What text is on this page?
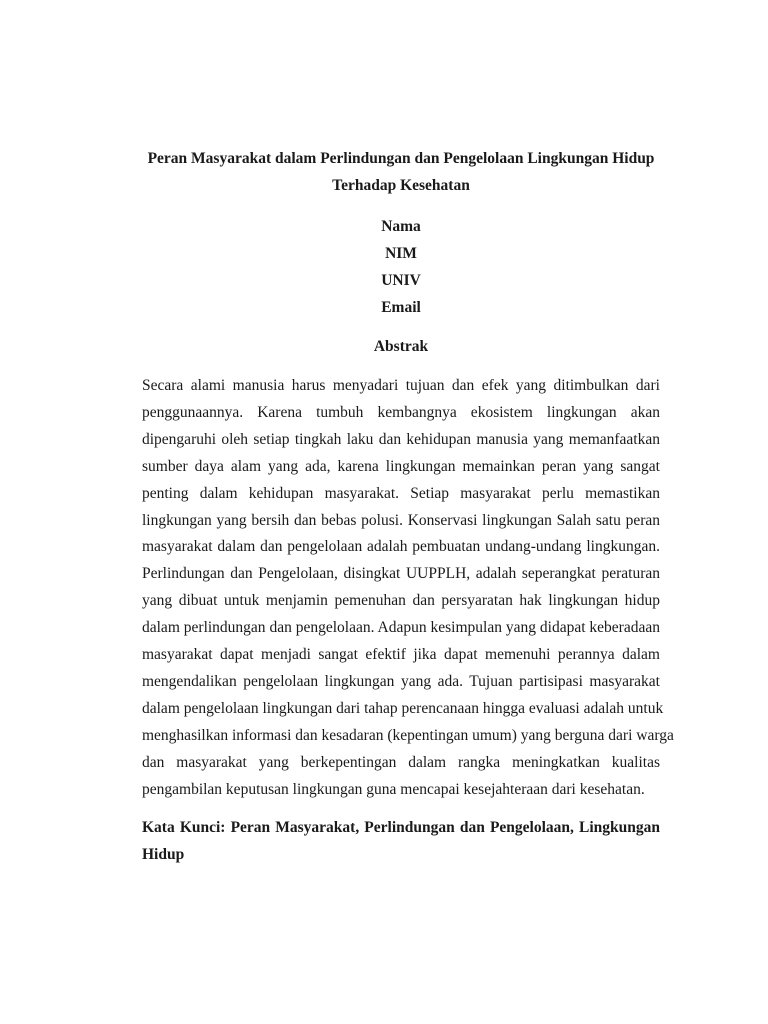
Peran Masyarakat dalam Perlindungan dan Pengelolaan Lingkungan Hidup
Terhadap Kesehatan
Nama
NIM
UNIV
Email
Abstrak
Secara alami manusia harus menyadari tujuan dan efek yang ditimbulkan dari
penggunaannya. Karena tumbuh kembangnya ekosistem lingkungan akan
dipengaruhi oleh setiap tingkah laku dan kehidupan manusia yang memanfaatkan
sumber daya alam yang ada, karena lingkungan memainkan peran yang sangat
penting dalam kehidupan masyarakat. Setiap masyarakat perlu memastikan
lingkungan yang bersih dan bebas polusi. Konservasi lingkungan Salah satu peran
masyarakat dalam dan pengelolaan adalah pembuatan undang-undang lingkungan.
Perlindungan dan Pengelolaan, disingkat UUPPLH, adalah seperangkat peraturan
yang dibuat untuk menjamin pemenuhan dan persyaratan hak lingkungan hidup
dalam perlindungan dan pengelolaan. Adapun kesimpulan yang didapat keberadaan
masyarakat dapat menjadi sangat efektif jika dapat memenuhi perannya dalam
mengendalikan pengelolaan lingkungan yang ada. Tujuan partisipasi masyarakat
dalam pengelolaan lingkungan dari tahap perencanaan hingga evaluasi adalah untuk
menghasilkan informasi dan kesadaran (kepentingan umum) yang berguna dari warga
dan masyarakat yang berkepentingan dalam rangka meningkatkan kualitas
pengambilan keputusan lingkungan guna mencapai kesejahteraan dari kesehatan.
Kata Kunci: Peran Masyarakat, Perlindungan dan Pengelolaan, Lingkungan
Hidup
